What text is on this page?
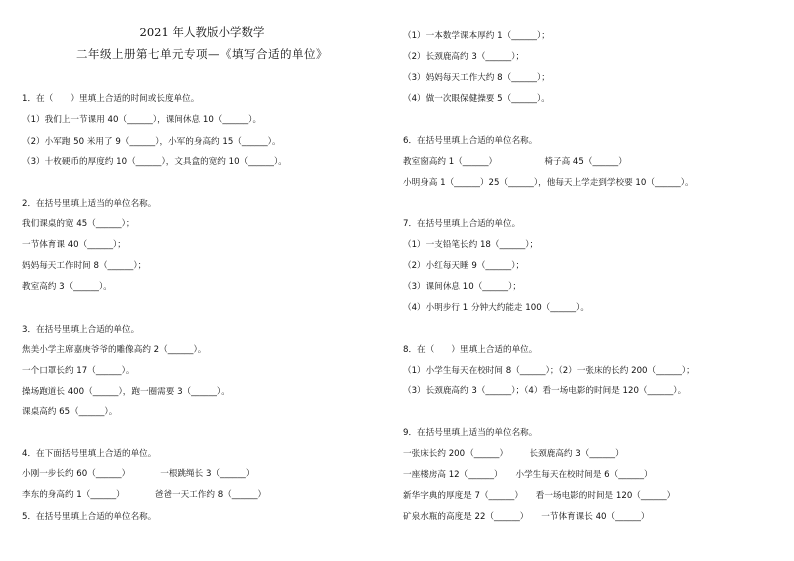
2021 年人教版小学数学
二年级上册第七单元专项—《填写合适的单位》
1．在（　　）里填上合适的时间或长度单位。
（1）我们上一节课用 40（______），课间休息 10（______）。
（2）小军跑 50 米用了 9（______），小军的身高约 15（______）。
（3）十枚硬币的厚度约 10（______），文具盒的宽约 10（______）。
2．在括号里填上适当的单位名称。
我们课桌的宽 45（______）；
一节体育课 40（______）；
妈妈每天工作时间 8（______）；
教室高约 3（______）。
3．在括号里填上合适的单位。
焦美小学主席嘉庚爷爷的雕像高约 2（______）。
一个口罩长约 17（______）。
操场跑道长 400（______），跑一圈需要 3（______）。
课桌高约 65（______）。
4．在下面括号里填上合适的单位。
小刚一步长约 60（______）　　　　一根跳绳长 3（______）
李东的身高约 1（______）　　　　爸爸一天工作约 8（______）
5．在括号里填上合适的单位名称。
（1）一本数学课本厚约 1（______）；
（2）长颈鹿高约 3（______）；
（3）妈妈每天工作大约 8（______）；
（4）做一次眼保健操要 5（______）。
6．在括号里填上合适的单位名称。
教室窗高约 1（______）　　　　　　椅子高 45（______）
小明身高 1（______）25（______），他每天上学走到学校要 10（______）。
7．在括号里填上合适的单位。
（1）一支铅笔长约 18（______）；
（2）小红每天睡 9（______）；
（3）课间休息 10（______）；
（4）小明步行 1 分钟大约能走 100（______）。
8．在（　　）里填上合适的单位。
（1）小学生每天在校时间 8（______）；（2）一张床的长约 200（______）；
（3）长颈鹿高约 3（______）；（4）看一场电影的时间是 120（______）。
9．在括号里填上适当的单位名称。
一张床长约 200（______）　　　长颈鹿高约 3（______）
一座楼房高 12（______）　　小学生每天在校时间是 6（______）
新华字典的厚度是 7（______）　　看一场电影的时间是 120（______）
矿泉水瓶的高度是 22（______）　　一节体育课长 40（______）
